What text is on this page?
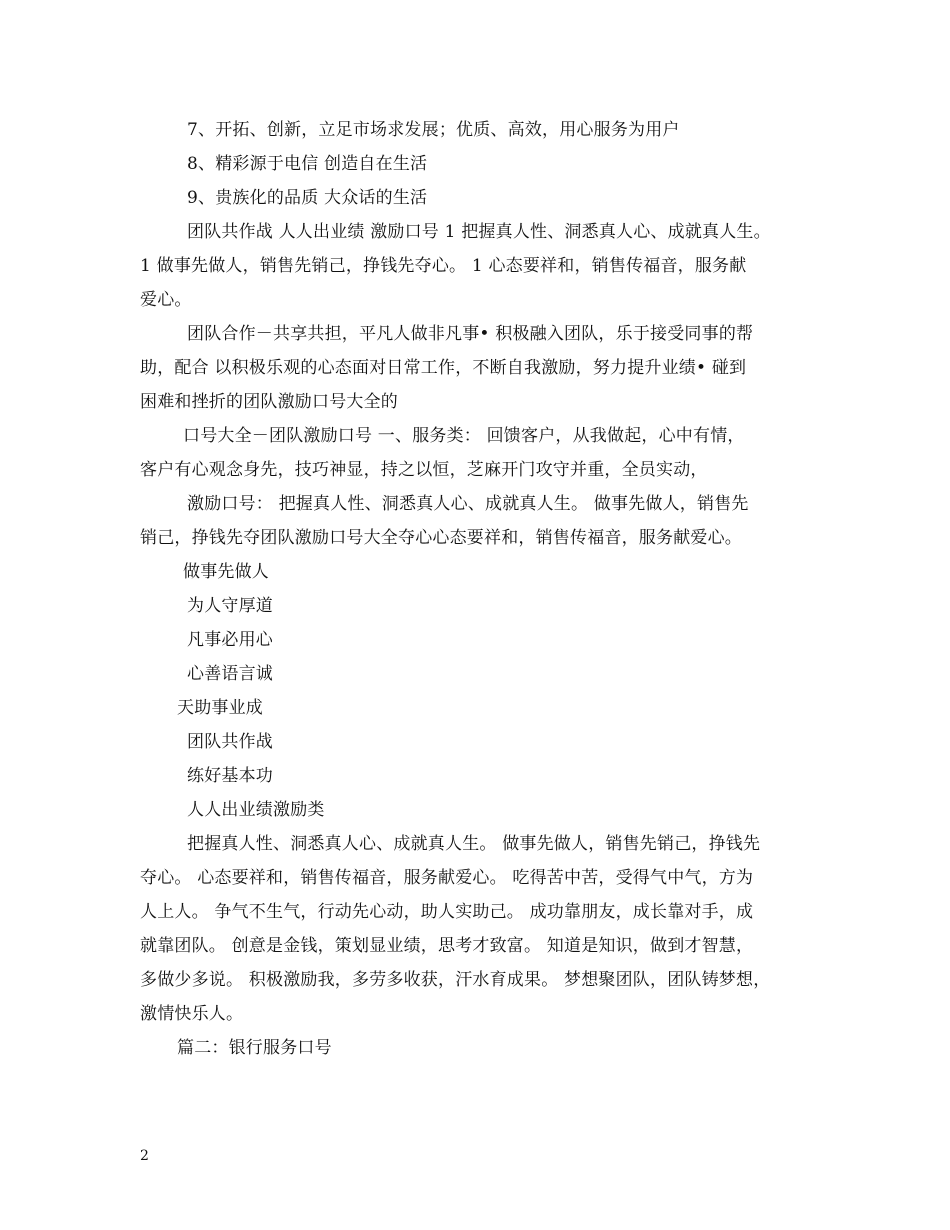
7、开拓、创新，立足市场求发展；优质、高效，用心服务为用户
8、精彩源于电信 创造自在生活
9、贵族化的品质 大众话的生活
团队共作战 人人出业绩 激励口号 1 把握真人性、洞悉真人心、成就真人生。
1 做事先做人，销售先销己，挣钱先夺心。 1 心态要祥和，销售传福音，服务献
爱心。
团队合作－共享共担，平凡人做非凡事• 积极融入团队，乐于接受同事的帮
助，配合 以积极乐观的心态面对日常工作，不断自我激励，努力提升业绩• 碰到
困难和挫折的团队激励口号大全的
口号大全－团队激励口号 一、服务类： 回馈客户，从我做起，心中有情，
客户有心观念身先，技巧神显，持之以恒，芝麻开门攻守并重，全员实动，
激励口号： 把握真人性、洞悉真人心、成就真人生。 做事先做人，销售先
销己，挣钱先夺团队激励口号大全夺心心态要祥和，销售传福音，服务献爱心。
做事先做人
为人守厚道
凡事必用心
心善语言诚
天助事业成
团队共作战
练好基本功
人人出业绩激励类
把握真人性、洞悉真人心、成就真人生。 做事先做人，销售先销己，挣钱先
夺心。 心态要祥和，销售传福音，服务献爱心。 吃得苦中苦，受得气中气，方为
人上人。 争气不生气，行动先心动，助人实助己。 成功靠朋友，成长靠对手，成
就靠团队。 创意是金钱，策划显业绩，思考才致富。 知道是知识，做到才智慧，
多做少多说。 积极激励我，多劳多收获，汗水育成果。 梦想聚团队，团队铸梦想，
激情快乐人。
篇二：银行服务口号
2
